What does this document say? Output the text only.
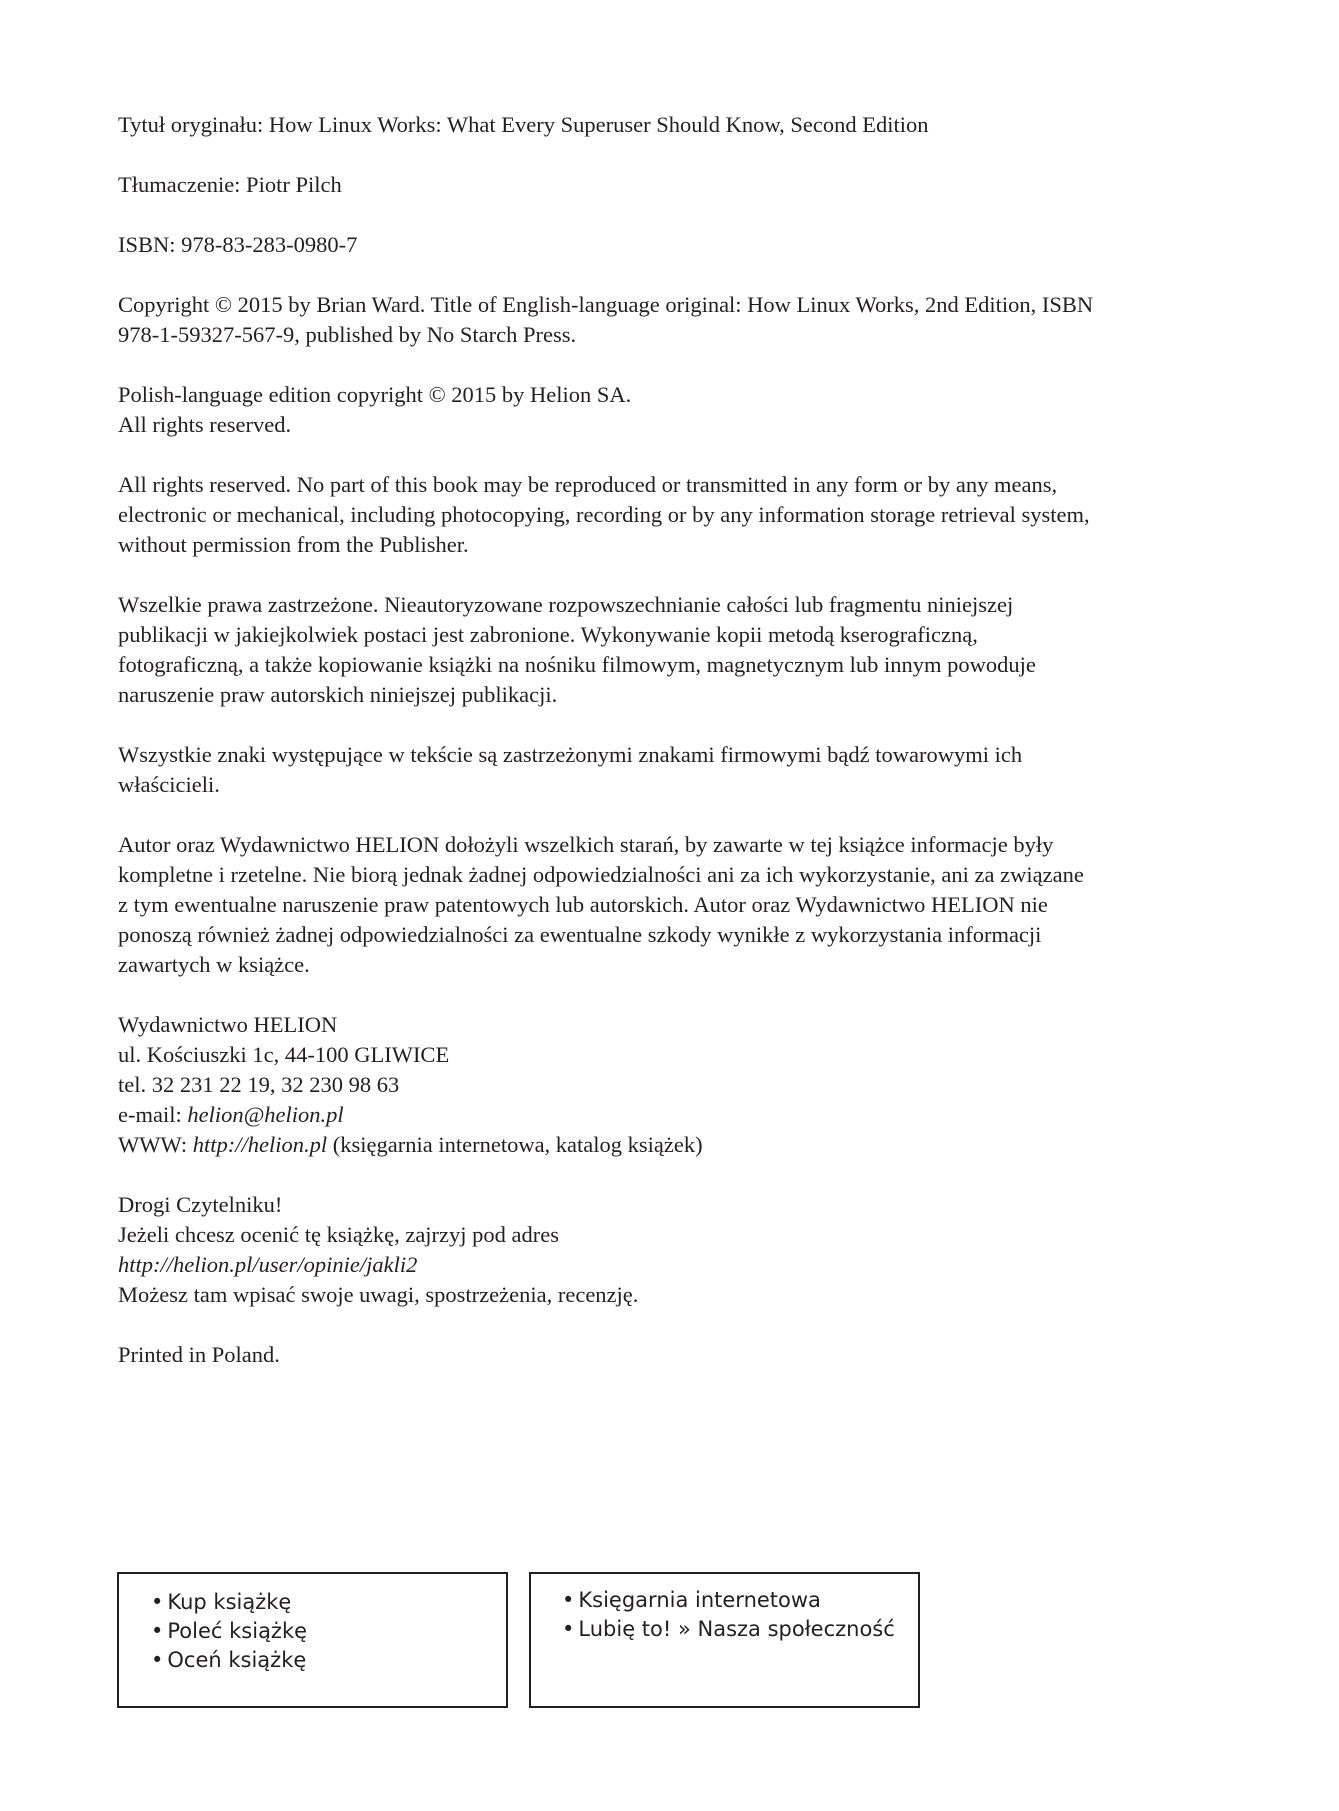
Tytuł oryginału: How Linux Works: What Every Superuser Should Know, Second Edition
Tłumaczenie: Piotr Pilch
ISBN: 978-83-283-0980-7
Copyright © 2015 by Brian Ward. Title of English-language original: How Linux Works, 2nd Edition, ISBN
978-1-59327-567-9, published by No Starch Press.
Polish-language edition copyright © 2015 by Helion SA.
All rights reserved.
All rights reserved. No part of this book may be reproduced or transmitted in any form or by any means,
electronic or mechanical, including photocopying, recording or by any information storage retrieval system,
without permission from the Publisher.
Wszelkie prawa zastrzeżone. Nieautoryzowane rozpowszechnianie całości lub fragmentu niniejszej
publikacji w jakiejkolwiek postaci jest zabronione. Wykonywanie kopii metodą kserograficzną,
fotograficzną, a także kopiowanie książki na nośniku filmowym, magnetycznym lub innym powoduje
naruszenie praw autorskich niniejszej publikacji.
Wszystkie znaki występujące w tekście są zastrzeżonymi znakami firmowymi bądź towarowymi ich
właścicieli.
Autor oraz Wydawnictwo HELION dołożyli wszelkich starań, by zawarte w tej książce informacje były
kompletne i rzetelne. Nie biorą jednak żadnej odpowiedzialności ani za ich wykorzystanie, ani za związane
z tym ewentualne naruszenie praw patentowych lub autorskich. Autor oraz Wydawnictwo HELION nie
ponoszą również żadnej odpowiedzialności za ewentualne szkody wynikłe z wykorzystania informacji
zawartych w książce.
Wydawnictwo HELION
ul. Kościuszki 1c, 44-100 GLIWICE
tel. 32 231 22 19, 32 230 98 63
e-mail: helion@helion.pl
WWW: http://helion.pl (księgarnia internetowa, katalog książek)
Drogi Czytelniku!
Jeżeli chcesz ocenić tę książkę, zajrzyj pod adres
http://helion.pl/user/opinie/jakli2
Możesz tam wpisać swoje uwagi, spostrzeżenia, recenzję.
Printed in Poland.
• Kup książkę
• Poleć książkę
• Oceń książkę
• Księgarnia internetowa
• Lubię to! » Nasza społeczność
